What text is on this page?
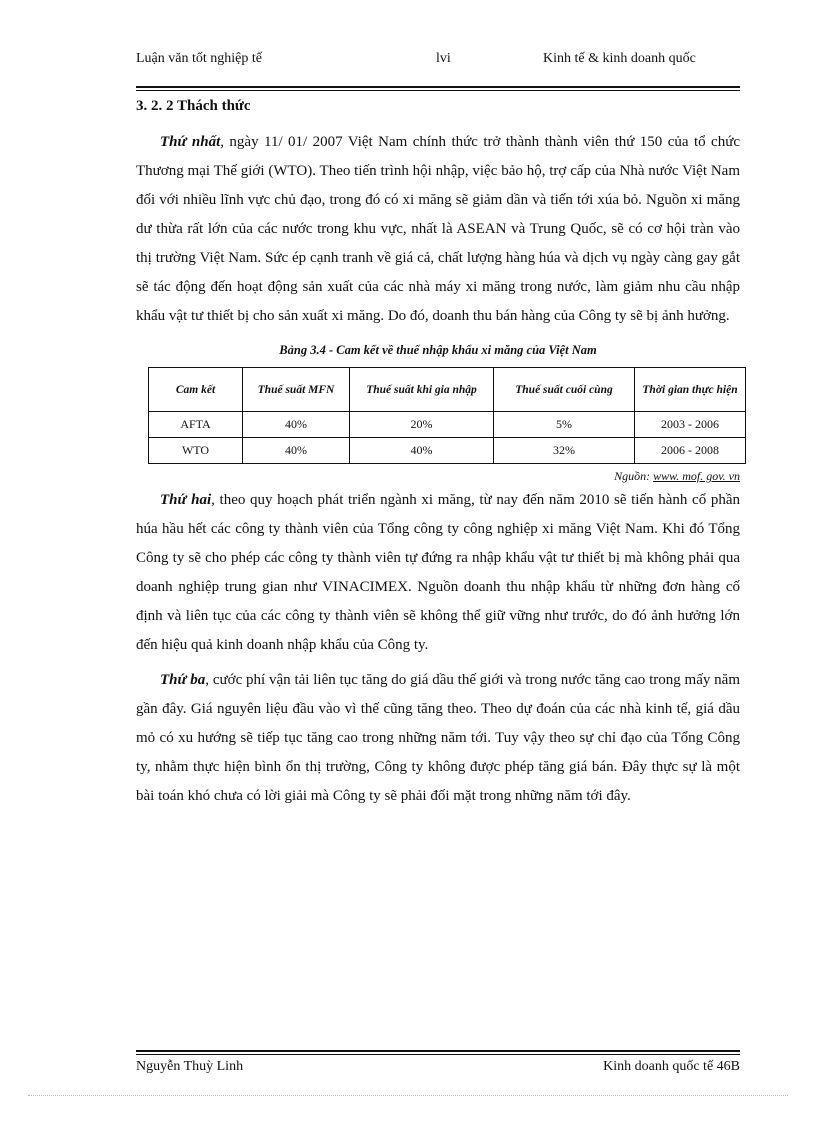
Luận văn tốt nghiệp tế	lvi	Kinh tế & kinh doanh quốc
3. 2. 2 Thách thức

Thứ nhất, ngày 11/ 01/ 2007 Việt Nam chính thức trở thành thành viên thứ 150 của tổ chức Thương mại Thế giới (WTO). Theo tiến trình hội nhập, việc bảo hộ, trợ cấp của Nhà nước Việt Nam đối với nhiều lĩnh vực chủ đạo, trong đó có xi măng sẽ giảm dần và tiến tới xúa bỏ. Nguồn xi măng dư thừa rất lớn của các nước trong khu vực, nhất là ASEAN và Trung Quốc, sẽ có cơ hội tràn vào thị trường Việt Nam. Sức ép cạnh tranh về giá cả, chất lượng hàng húa và dịch vụ ngày càng gay gắt sẽ tác động đến hoạt động sản xuất của các nhà máy xi măng trong nước, làm giảm nhu cầu nhập khẩu vật tư thiết bị cho sản xuất xi măng. Do đó, doanh thu bán hàng của Công ty sẽ bị ảnh hưởng.

Bảng 3.4 - Cam kết về thuế nhập khẩu xi măng của Việt Nam
Cam kết	Thuế suất MFN	Thuế suất khi gia nhập	Thuế suất cuối cùng	Thời gian thực hiện
AFTA	40%	20%	5%	2003 - 2006
WTO	40%	40%	32%	2006 - 2008
Nguồn: www. mof. gov. vn

Thứ hai, theo quy hoạch phát triển ngành xi măng, từ nay đến năm 2010 sẽ tiến hành cổ phần húa hầu hết các công ty thành viên của Tổng công ty công nghiệp xi măng Việt Nam. Khi đó Tổng Công ty sẽ cho phép các công ty thành viên tự đứng ra nhập khẩu vật tư thiết bị mà không phải qua doanh nghiệp trung gian như VINACIMEX. Nguồn doanh thu nhập khẩu từ những đơn hàng cố định và liên tục của các công ty thành viên sẽ không thể giữ vững như trước, do đó ảnh hưởng lớn đến hiệu quả kinh doanh nhập khẩu của Công ty.

Thứ ba, cước phí vận tải liên tục tăng do giá dầu thế giới và trong nước tăng cao trong mấy năm gần đây. Giá nguyên liệu đầu vào vì thế cũng tăng theo. Theo dự đoán của các nhà kinh tế, giá dầu mỏ có xu hướng sẽ tiếp tục tăng cao trong những năm tới. Tuy vậy theo sự chỉ đạo của Tổng Công ty, nhằm thực hiện bình ổn thị trường, Công ty không được phép tăng giá bán. Đây thực sự là một bài toán khó chưa có lời giải mà Công ty sẽ phải đối mặt trong những năm tới đây.

Nguyễn Thuỳ Linh	Kinh doanh quốc tế 46B
